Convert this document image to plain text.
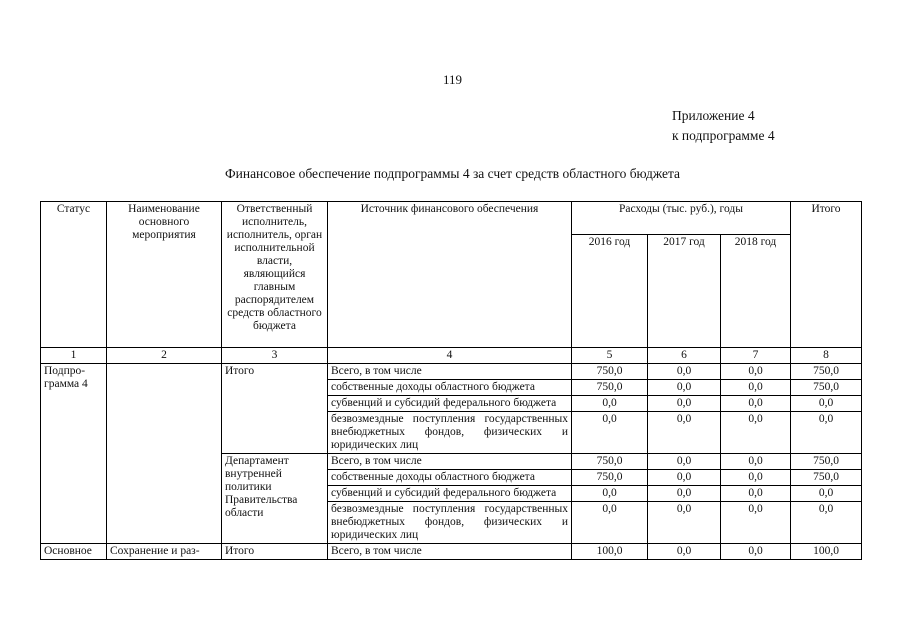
119
Приложение 4
к подпрограмме 4
Финансовое обеспечение подпрограммы 4 за счет средств областного бюджета
Статус	Наименование основного мероприятия	Ответственный исполнитель, исполнитель, орган исполнительной власти, являющийся главным распорядителем средств областного бюджета	Источник финансового обеспечения	Расходы (тыс. руб.), годы			Итого
				2016 год	2017 год	2018 год	
1	2	3	4	5	6	7	8
Подпро-грамма 4		Итого	Всего, в том числе	750,0	0,0	0,0	750,0
			собственные доходы областного бюджета	750,0	0,0	0,0	750,0
			субвенций и субсидий федерального бюджета	0,0	0,0	0,0	0,0
			безвозмездные поступления государственных внебюджетных фондов, физических и юридических лиц	0,0	0,0	0,0	0,0
		Департамент внутренней политики Правительства области	Всего, в том числе	750,0	0,0	0,0	750,0
			собственные доходы областного бюджета	750,0	0,0	0,0	750,0
			субвенций и субсидий федерального бюджета	0,0	0,0	0,0	0,0
			безвозмездные поступления государственных внебюджетных фондов, физических и юридических лиц	0,0	0,0	0,0	0,0
Основное	Сохранение и раз-	Итого	Всего, в том числе	100,0	0,0	0,0	100,0
